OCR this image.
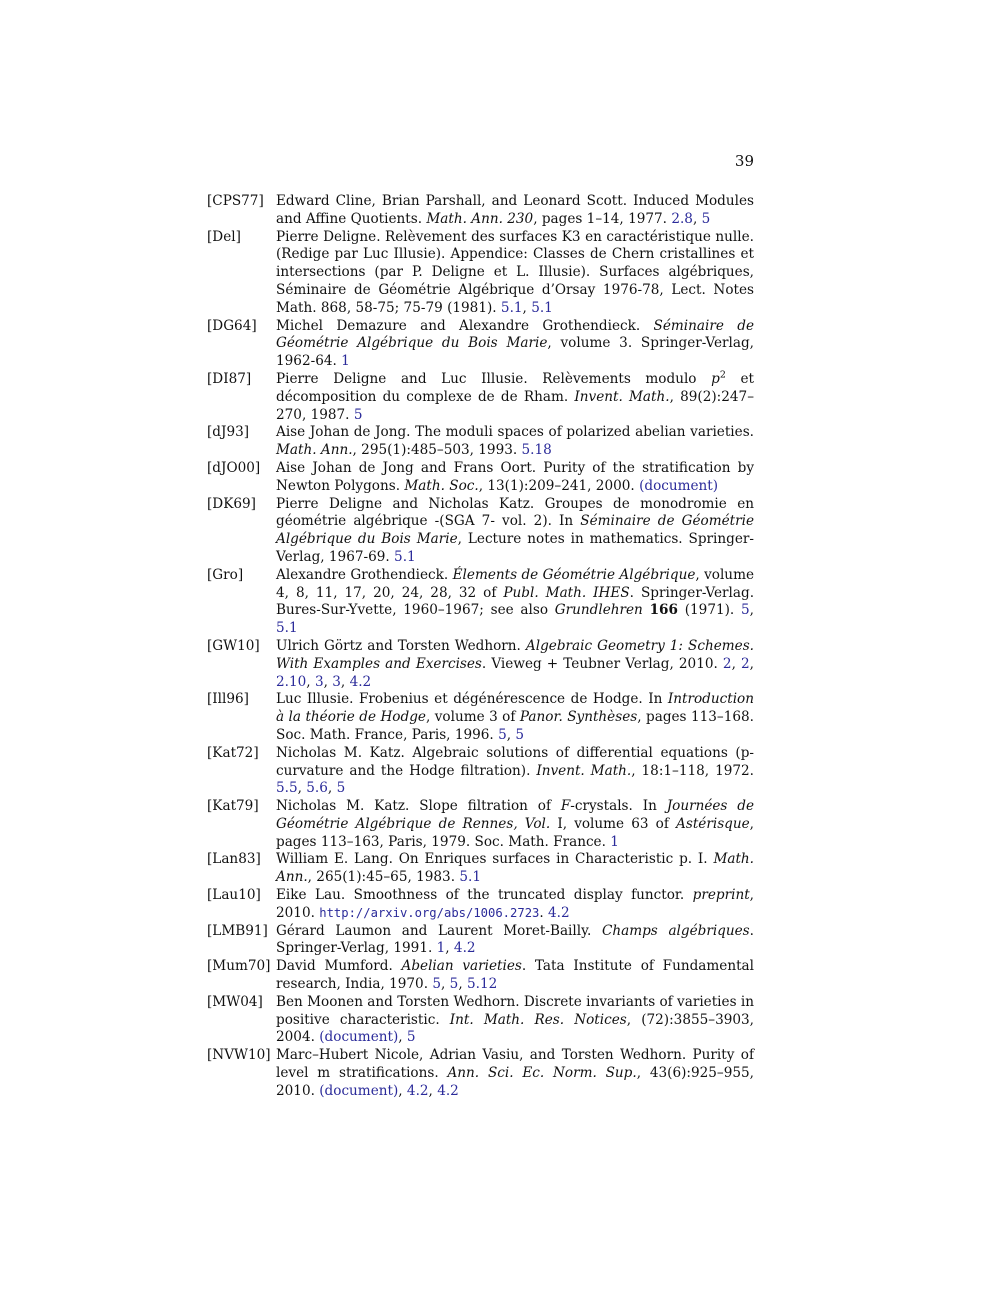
39
[CPS77] Edward Cline, Brian Parshall, and Leonard Scott. Induced Modules and Affine Quotients. Math. Ann. 230, pages 1–14, 1977. 2.8, 5
[Del]	Pierre Deligne. Relèvement des surfaces K3 en caractéristique nulle. (Redige par Luc Illusie). Appendice: Classes de Chern cristallines et intersections (par P. Deligne et L. Illusie). Surfaces algébriques, Séminaire de Géométrie Algébrique d’Orsay 1976-78, Lect. Notes Math. 868, 58-75; 75-79 (1981). 5.1, 5.1
[DG64]	Michel Demazure and Alexandre Grothendieck. Séminaire de Géométrie Algébrique du Bois Marie, volume 3. Springer-Verlag, 1962-64. 1
[DI87]	Pierre Deligne and Luc Illusie. Relèvements modulo $p^2$ et décomposition du complexe de de Rham. Invent. Math., 89(2):247–270, 1987. 5
[dJ93]	Aise Johan de Jong. The moduli spaces of polarized abelian varieties. Math. Ann., 295(1):485–503, 1993. 5.18
[dJO00]	Aise Johan de Jong and Frans Oort. Purity of the stratification by Newton Polygons. Math. Soc., 13(1):209–241, 2000. (document)
[DK69]	Pierre Deligne and Nicholas Katz. Groupes de monodromie en géométrie algébrique -(SGA 7- vol. 2). In Séminaire de Géométrie Algébrique du Bois Marie, Lecture notes in mathematics. Springer-Verlag, 1967-69. 5.1
[Gro]	Alexandre Grothendieck. Élements de Géométrie Algébrique, volume 4, 8, 11, 17, 20, 24, 28, 32 of Publ. Math. IHES. Springer-Verlag. Bures-Sur-Yvette, 1960–1967; see also Grundlehren 166 (1971). 5, 5.1
[GW10]	Ulrich Görtz and Torsten Wedhorn. Algebraic Geometry 1: Schemes. With Examples and Exercises. Vieweg + Teubner Verlag, 2010. 2, 2, 2.10, 3, 3, 4.2
[Ill96]	Luc Illusie. Frobenius et dégénérescence de Hodge. In Introduction à la théorie de Hodge, volume 3 of Panor. Synthèses, pages 113–168. Soc. Math. France, Paris, 1996. 5, 5
[Kat72]	Nicholas M. Katz. Algebraic solutions of differential equations (p-curvature and the Hodge filtration). Invent. Math., 18:1–118, 1972. 5.5, 5.6, 5
[Kat79]	Nicholas M. Katz. Slope filtration of F-crystals. In Journées de Géométrie Algébrique de Rennes, Vol. I, volume 63 of Astérisque, pages 113–163, Paris, 1979. Soc. Math. France. 1
[Lan83]	William E. Lang. On Enriques surfaces in Characteristic p. I. Math. Ann., 265(1):45–65, 1983. 5.1
[Lau10]	Eike Lau. Smoothness of the truncated display functor. preprint, 2010. http://arxiv.org/abs/1006.2723. 4.2
[LMB91] Gérard Laumon and Laurent Moret-Bailly. Champs algébriques. Springer-Verlag, 1991. 1, 4.2
[Mum70] David Mumford. Abelian varieties. Tata Institute of Fundamental research, India, 1970. 5, 5, 5.12
[MW04] Ben Moonen and Torsten Wedhorn. Discrete invariants of varieties in positive characteristic. Int. Math. Res. Notices, (72):3855–3903, 2004. (document), 5
[NVW10] Marc–Hubert Nicole, Adrian Vasiu, and Torsten Wedhorn. Purity of level m stratifications. Ann. Sci. Ec. Norm. Sup., 43(6):925–955, 2010. (document), 4.2, 4.2
